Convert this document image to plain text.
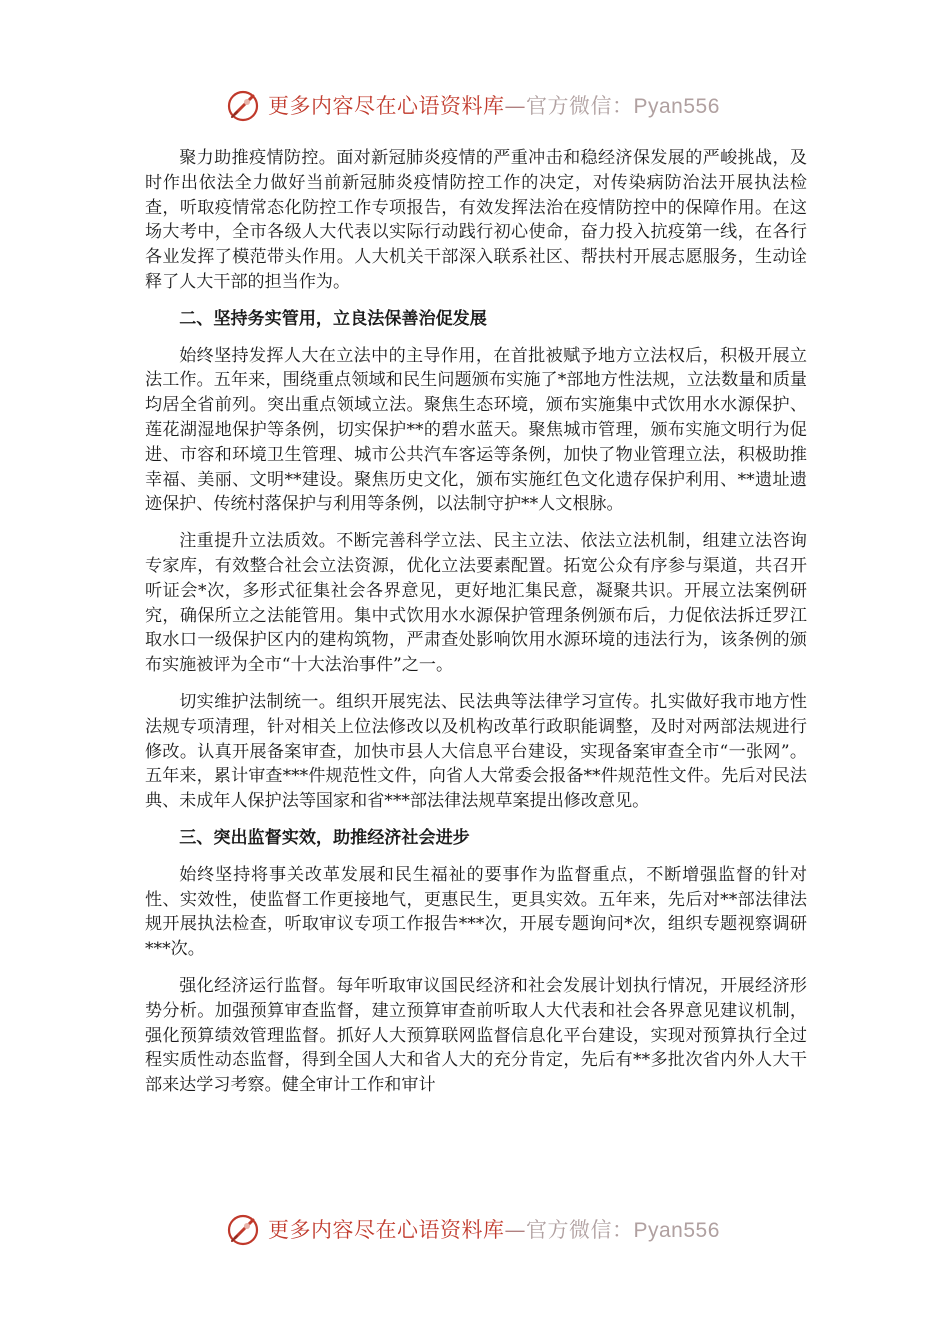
更多内容尽在心语资料库—官方微信：Pyan556

聚力助推疫情防控。面对新冠肺炎疫情的严重冲击和稳经济保发展的严峻挑战，及时作出依法全力做好当前新冠肺炎疫情防控工作的决定，对传染病防治法开展执法检查，听取疫情常态化防控工作专项报告，有效发挥法治在疫情防控中的保障作用。在这场大考中，全市各级人大代表以实际行动践行初心使命，奋力投入抗疫第一线，在各行各业发挥了模范带头作用。人大机关干部深入联系社区、帮扶村开展志愿服务，生动诠释了人大干部的担当作为。

二、坚持务实管用，立良法保善治促发展

始终坚持发挥人大在立法中的主导作用，在首批被赋予地方立法权后，积极开展立法工作。五年来，围绕重点领域和民生问题颁布实施了*部地方性法规，立法数量和质量均居全省前列。突出重点领域立法。聚焦生态环境，颁布实施集中式饮用水水源保护、莲花湖湿地保护等条例，切实保护**的碧水蓝天。聚焦城市管理，颁布实施文明行为促进、市容和环境卫生管理、城市公共汽车客运等条例，加快了物业管理立法，积极助推幸福、美丽、文明**建设。聚焦历史文化，颁布实施红色文化遗存保护利用、**遗址遗迹保护、传统村落保护与利用等条例，以法制守护**人文根脉。

注重提升立法质效。不断完善科学立法、民主立法、依法立法机制，组建立法咨询专家库，有效整合社会立法资源，优化立法要素配置。拓宽公众有序参与渠道，共召开听证会*次，多形式征集社会各界意见，更好地汇集民意，凝聚共识。开展立法案例研究，确保所立之法能管用。集中式饮用水水源保护管理条例颁布后，力促依法拆迁罗江取水口一级保护区内的建构筑物，严肃查处影响饮用水源环境的违法行为，该条例的颁布实施被评为全市“十大法治事件”之一。

切实维护法制统一。组织开展宪法、民法典等法律学习宣传。扎实做好我市地方性法规专项清理，针对相关上位法修改以及机构改革行政职能调整，及时对两部法规进行修改。认真开展备案审查，加快市县人大信息平台建设，实现备案审查全市“一张网”。五年来，累计审查***件规范性文件，向省人大常委会报备**件规范性文件。先后对民法典、未成年人保护法等国家和省***部法律法规草案提出修改意见。

三、突出监督实效，助推经济社会进步

始终坚持将事关改革发展和民生福祉的要事作为监督重点，不断增强监督的针对性、实效性，使监督工作更接地气，更惠民生，更具实效。五年来，先后对**部法律法规开展执法检查，听取审议专项工作报告***次，开展专题询问*次，组织专题视察调研***次。

强化经济运行监督。每年听取审议国民经济和社会发展计划执行情况，开展经济形势分析。加强预算审查监督，建立预算审查前听取人大代表和社会各界意见建议机制，强化预算绩效管理监督。抓好人大预算联网监督信息化平台建设，实现对预算执行全过程实质性动态监督，得到全国人大和省人大的充分肯定，先后有**多批次省内外人大干部来达学习考察。健全审计工作和审计

更多内容尽在心语资料库—官方微信：Pyan556
